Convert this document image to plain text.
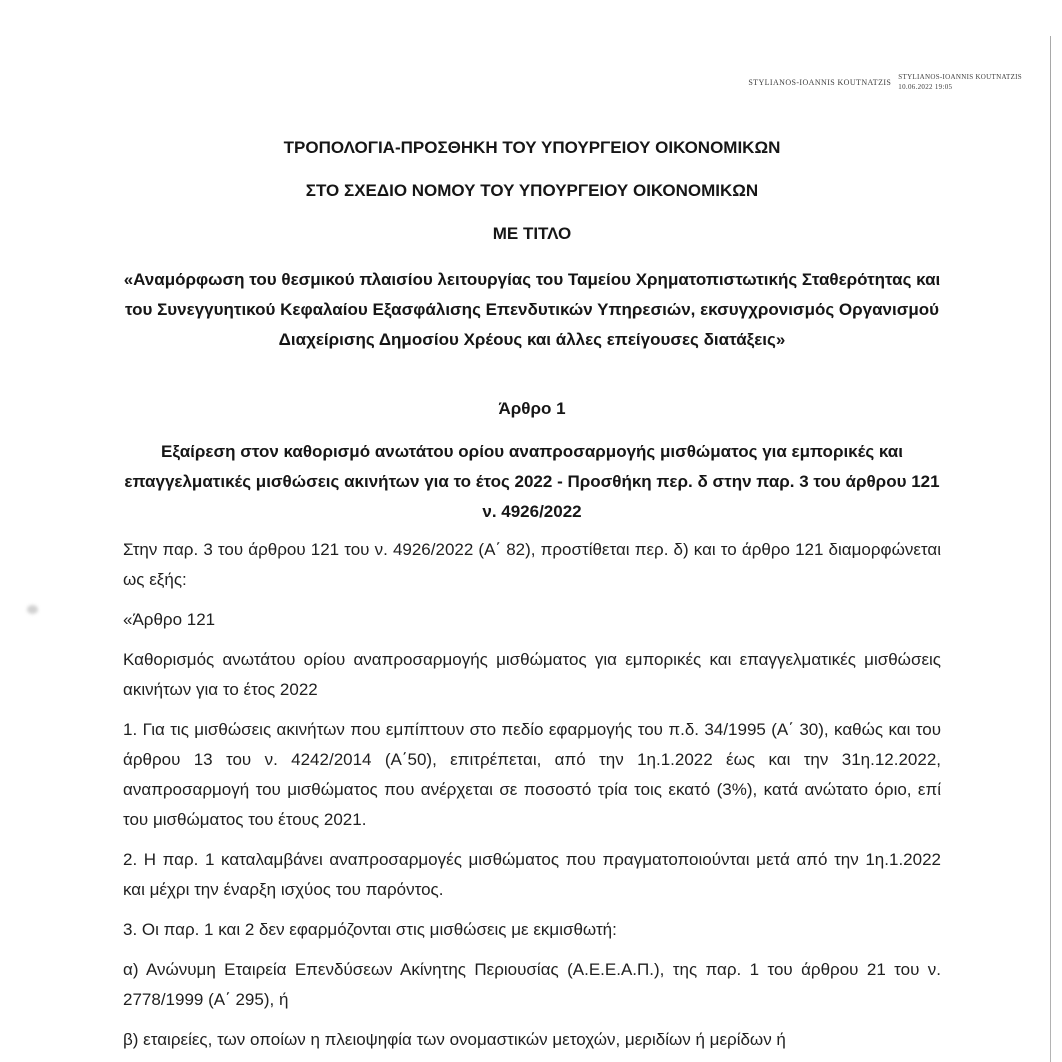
STYLIANOS-IOANNIS KOUTNATZIS
STYLIANOS-IOANNIS KOUTNATZIS
10.06.2022 19:05
ΤΡΟΠΟΛΟΓΙΑ-ΠΡΟΣΘΗΚΗ ΤΟΥ ΥΠΟΥΡΓΕΙΟΥ ΟΙΚΟΝΟΜΙΚΩΝ
ΣΤΟ ΣΧΕΔΙΟ ΝΟΜΟΥ ΤΟΥ ΥΠΟΥΡΓΕΙΟΥ ΟΙΚΟΝΟΜΙΚΩΝ
ΜΕ ΤΙΤΛΟ
«Αναμόρφωση του θεσμικού πλαισίου λειτουργίας του Ταμείου Χρηματοπιστωτικής Σταθερότητας και του Συνεγγυητικού Κεφαλαίου Εξασφάλισης Επενδυτικών Υπηρεσιών, εκσυγχρονισμός Οργανισμού Διαχείρισης Δημοσίου Χρέους και άλλες επείγουσες διατάξεις»
Άρθρο 1
Εξαίρεση στον καθορισμό ανωτάτου ορίου αναπροσαρμογής μισθώματος για εμπορικές και επαγγελματικές μισθώσεις ακινήτων για το έτος 2022 - Προσθήκη περ. δ στην παρ. 3 του άρθρου 121 ν. 4926/2022

Στην παρ. 3 του άρθρου 121 του ν. 4926/2022 (Α΄ 82), προστίθεται περ. δ) και το άρθρο 121 διαμορφώνεται ως εξής:

«Άρθρο 121

Καθορισμός ανωτάτου ορίου αναπροσαρμογής μισθώματος για εμπορικές και επαγγελματικές μισθώσεις ακινήτων για το έτος 2022

1. Για τις μισθώσεις ακινήτων που εμπίπτουν στο πεδίο εφαρμογής του π.δ. 34/1995 (Α΄ 30), καθώς και του άρθρου 13 του ν. 4242/2014 (Α΄50), επιτρέπεται, από την 1η.1.2022 έως και την 31η.12.2022, αναπροσαρμογή του μισθώματος που ανέρχεται σε ποσοστό τρία τοις εκατό (3%), κατά ανώτατο όριο, επί του μισθώματος του έτους 2021.

2. Η παρ. 1 καταλαμβάνει αναπροσαρμογές μισθώματος που πραγματοποιούνται μετά από την 1η.1.2022 και μέχρι την έναρξη ισχύος του παρόντος.

3. Οι παρ. 1 και 2 δεν εφαρμόζονται στις μισθώσεις με εκμισθωτή:

α) Ανώνυμη Εταιρεία Επενδύσεων Ακίνητης Περιουσίας (Α.Ε.Ε.Α.Π.), της παρ. 1 του άρθρου 21 του ν. 2778/1999 (Α΄ 295), ή

β) εταιρείες, των οποίων η πλειοψηφία των ονομαστικών μετοχών, μεριδίων ή μερίδων ή
